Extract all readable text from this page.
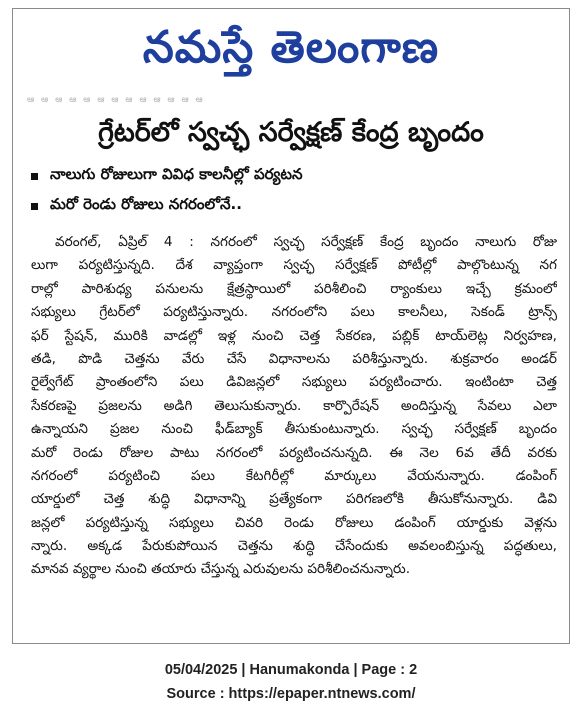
నమస్తే తెలంగాణ
ఆ ఆ ఆ ఆ ఆ ఆ ఆ ఆ ఆ ఆ ఆ ఆ ఆ
గ్రేటర్‌లో స్వచ్ఛ సర్వేక్షణ్ కేంద్ర బృందం
నాలుగు రోజులుగా వివిధ కాలనీల్లో పర్యటన
మరో రెండు రోజులు నగరంలోనే..
వరంగల్, ఏప్రిల్ 4 : నగరంలో స్వచ్ఛ సర్వేక్షణ్ కేంద్ర బృందం నాలుగు రోజు
లుగా పర్యటిస్తున్నది. దేశ వ్యాప్తంగా స్వచ్ఛ సర్వేక్షణ్ పోటీల్లో పాల్గొంటున్న నగ
రాల్లో పారిశుధ్య పనులను క్షేత్రస్థాయిలో పరిశీలించి ర్యాంకులు ఇచ్చే క్రమంలో
సభ్యులు గ్రేటర్‌లో పర్యటిస్తున్నారు. నగరంలోని పలు కాలనీలు, సెకండ్ ట్రాన్స్
ఫర్ స్టేషన్, మురికి వాడల్లో ఇళ్ల నుంచి చెత్త సేకరణ, పబ్లిక్ టాయ్‌లెట్ల నిర్వహణ,
తడి, పొడి చెత్తను వేరు చేసే విధానాలను పరిశీస్తున్నారు. శుక్రవారం అండర్
రైల్వేగేట్ ప్రాంతంలోని పలు డివిజన్లలో సభ్యులు పర్యటించారు. ఇంటింటా చెత్త
సేకరణపై ప్రజలను అడిగి తెలుసుకున్నారు. కార్పొరేషన్ అందిస్తున్న సేవలు ఎలా
ఉన్నాయని ప్రజల నుంచి ఫీడ్‌బ్యాక్ తీసుకుంటున్నారు. స్వచ్ఛ సర్వేక్షణ్ బృందం
మరో రెండు రోజుల పాటు నగరంలో పర్యటించనున్నది. ఈ నెల 6వ తేదీ వరకు
నగరంలో పర్యటించి పలు కేటగిరీల్లో మార్కులు వేయనున్నారు. డంపింగ్
యార్డులో చెత్త శుద్ధి విధానాన్ని ప్రత్యేకంగా పరిగణలోకి తీసుకోనున్నారు. డివి
జన్లలో పర్యటిస్తున్న సభ్యులు చివరి రెండు రోజులు డంపింగ్ యార్డుకు వెళ్లను
న్నారు. అక్కడ పేరుకుపోయిన చెత్తను శుద్ధి చేసేందుకు అవలంబిస్తున్న పద్ధతులు,
మానవ వ్యర్థాల నుంచి తయారు చేస్తున్న ఎరువులను పరిశీలించనున్నారు.
05/04/2025 | Hanumakonda | Page : 2
Source : https://epaper.ntnews.com/
